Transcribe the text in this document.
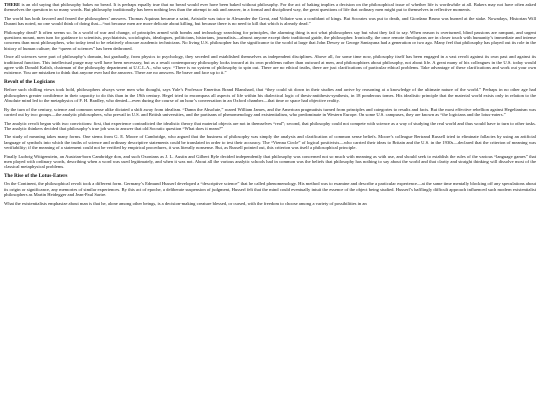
THERE is an old saying that philosophy bakes no bread. It is perhaps equally true that no bread would ever have been baked without philosophy. For the act of baking implies a decision on the philosophical issue of whether life is worthwhile at all. Bakers may not have often asked themselves the question in so many words. But philosophy traditionally has been nothing less than the attempt to ask and answer, in a formal and disciplined way, the great questions of life that ordinary men might put to themselves in reflective moments.

The world has both favored and feared the philosophers’ answers. Thomas Aquinas became a saint, Aristotle was tutor to Alexander the Great, and Voltaire was a confidant of kings. But Socrates was put to death, and Giordano Bruno was burned at the stake. Nowadays, Historian Will Durant has noted, no one would think of doing that—“not because men are more delicate about killing, but because there is no need to kill that which is already dead.”

Philosophy dead? It often seems so. In a world of war and change, of principles armed with bombs and technology searching for principles, the alarming thing is not what philosophers say but what they fail to say. When reason is overturned, blind passions are rampant, and urgent questions mount, men turn for guidance to scientists, psychiatrists, sociologists, idealogues, politicians, historians, journalists—almost anyone except their traditional guide, the philosopher. Ironically, the once remote theologians are in closer touch with humanity’s immediate and intense concerns than most philosophers, who today tend to be relatively obscure academic technicians. No living U.S. philosopher has the significance to the world at large that John Dewey or George Santayana had a generation or two ago. Many feel that philosophy has played out its role in the history of human culture; the “queen of sciences” has been dethroned.

Once all sciences were part of philosophy’s domain, but gradually, from physics to psychology, they seceded and established themselves as independent disciplines. Above all, for some time now, philosophy itself has been engaged in a vast revolt against its own past and against its traditional function. This intellectual purge may well have been necessary, but as a result contemporary philosophy looks inward at its own problems rather than outward at men, and philosophizes about philosophy, not about life. A great many of his colleagues in the U.S. today would agree with Donald Kalish, chairman of the philosophy department at U.C.L.A., who says: “There is no system of philosophy to spin out. There are no ethical truths, there are just clarifications of particular ethical problems. Take advantage of these clarifications and work out your own existence. You are mistaken to think that anyone ever had the answers. There are no answers. Be brave and face up to it.”

Revolt of the Logicians

Before such chilling views took hold, philosophers always were men who thought, says Yale’s Professor Emeritus Brand Blanshard, that “they could sit down in their studies and arrive by reasoning at a knowledge of the ultimate nature of the world.” Perhaps in no other age had philosophers greater confidence in their capacity to do this than in the 19th century. Hegel tried to encompass all aspects of life within his dialectical logic of thesis-antithesis-synthesis, in 18 ponderous tomes. His idealistic principle that the material world exists only in relation to the Absolute mind led to the metaphysics of F. H. Bradley, who denied—even during the course of an hour’s conversation in an Oxford chamber—that time or space had objective reality.

By the turn of the century, science and common sense alike dictated a shift away from idealism. “Damn the Absolute,” roared William James, and the American pragmatists turned from principles and categories to results and facts. But the most effective rebellion against Hegelianism was carried out by two groups—the analytic philosophers, who prevail in U.S. and British universities, and the partisans of phenomenology and existentialism, who predominate in Western Europe. On some U.S. campuses, they are known as “the logicians and the lotus-eaters.”

The analytic revolt began with two convictions: first, that experience contradicted the idealistic theory that material objects are not in themselves “real”; second, that philosophy could not compete with science as a way of studying the real world and thus would have to turn to other tasks. The analytic thinkers decided that philosophy’s true job was to answer that old Socratic question “What does it mean?”

The study of meaning takes many forms. One stems from G. E. Moore of Cambridge, who argued that the business of philosophy was simply the analysis and clarification of common sense beliefs. Moore’s colleague Bertrand Russell tried to eliminate fallacies by using an artificial language of symbols into which the truths of science and ordinary descriptive statements could be translated in order to test their accuracy. The “Vienna Circle” of logical positivists—who carried their ideas to Britain and the U.S. in the 1930s—declared that the criterion of meaning was verifiability; if the meaning of a statement could not be verified by empirical procedures, it was literally nonsense. But, as Russell pointed out, this criterion was itself a philosophical principle.

Finally Ludwig Wittgenstein, an Austrian-born Cambridge don, and such Oxonians as J. L. Austin and Gilbert Ryle decided independently that philosophy was concerned not so much with meaning as with use, and should seek to establish the rules of the various “language games” that men played with ordinary words, describing when a word was used legitimately, and when it was not. About all the various analytic schools had in common was the beliefs that philosophy has nothing to say about the world and that clarity and straight thinking will dissolve most of the classical metaphysical problems.

The Rise of the Lotus-Eaters

On the Continent, the philosophical revolt took a different form. Germany’s Edmund Husserl developed a “descriptive science” that he called phenomenology. His method was to examine and describe a particular experience—at the same time mentally blocking off any speculations about its origin or significance, any memories of similar experiences. By this act of epoche, a deliberate suspension of judgment, Husserl felt that the mind could eventually intuit the essence of the object being studied. Husserl’s bafflingly difficult approach influenced such modern existentialist philosophers as Martin Heidegger and Jean-Paul Sartre.

What the existentialists emphasize about man is that he, alone among other beings, is a decision-making creature blessed, or cursed, with the freedom to choose among a variety of possibilities in an
